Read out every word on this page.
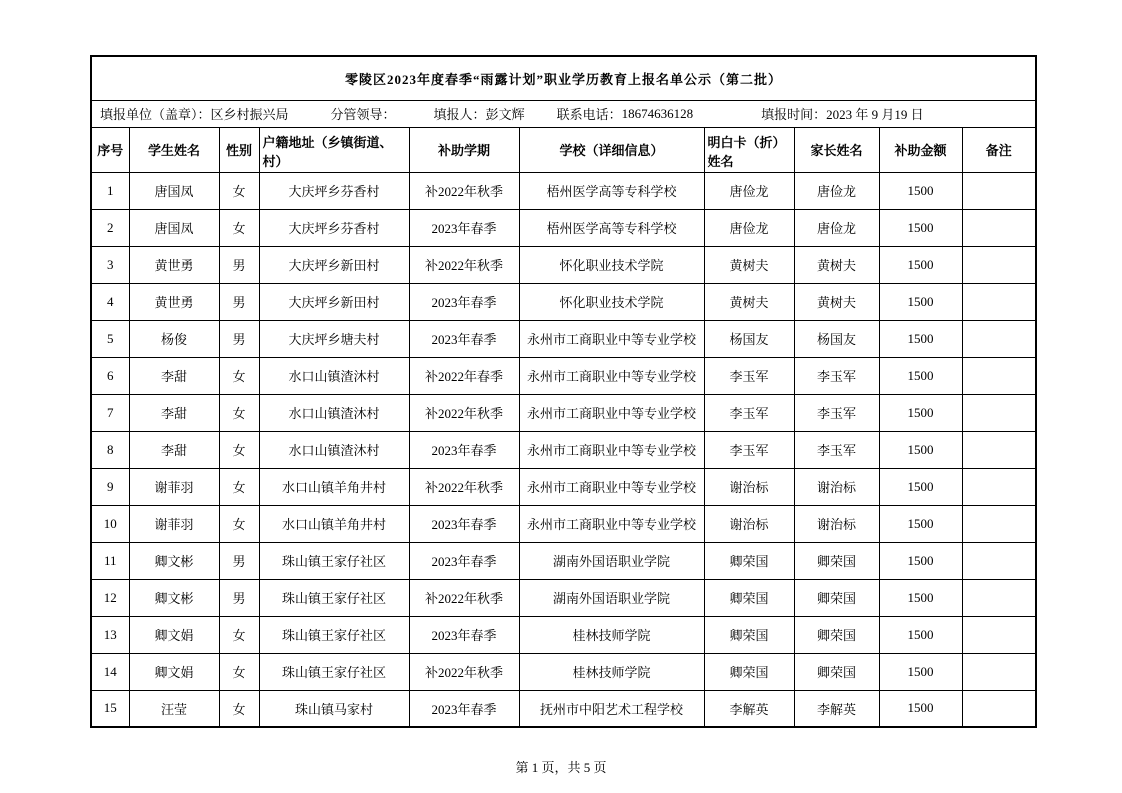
零陵区2023年度春季“雨露计划”职业学历教育上报名单公示（第二批）									

填报单位（盖章）： 区乡村振兴局	分管领导：	填报人： 彭文辉 联系电话： 18674636128	填报时间： 2023 年 9 月19 日

序号	学生姓名	性别	户籍地址（乡镇街道、村）	补助学期	学校（详细信息）	明白卡（折）姓名	家长姓名	补助金额	备注
1	唐国凤	女	大庆坪乡芬香村	补2022年秋季	梧州医学高等专科学校	唐俭龙	唐俭龙	1500	
2	唐国凤	女	大庆坪乡芬香村	2023年春季	梧州医学高等专科学校	唐俭龙	唐俭龙	1500	
3	黄世勇	男	大庆坪乡新田村	补2022年秋季	怀化职业技术学院	黄树夫	黄树夫	1500	
4	黄世勇	男	大庆坪乡新田村	2023年春季	怀化职业技术学院	黄树夫	黄树夫	1500	
5	杨俊	男	大庆坪乡塘夫村	2023年春季	永州市工商职业中等专业学校	杨国友	杨国友	1500	
6	李甜	女	水口山镇渣沐村	补2022年春季	永州市工商职业中等专业学校	李玉军	李玉军	1500	
7	李甜	女	水口山镇渣沐村	补2022年秋季	永州市工商职业中等专业学校	李玉军	李玉军	1500	
8	李甜	女	水口山镇渣沐村	2023年春季	永州市工商职业中等专业学校	李玉军	李玉军	1500	
9	谢菲羽	女	水口山镇羊角井村	补2022年秋季	永州市工商职业中等专业学校	谢治标	谢治标	1500	
10	谢菲羽	女	水口山镇羊角井村	2023年春季	永州市工商职业中等专业学校	谢治标	谢治标	1500	
11	卿文彬	男	珠山镇王家仔社区	2023年春季	湖南外国语职业学院	卿荣国	卿荣国	1500	
12	卿文彬	男	珠山镇王家仔社区	补2022年秋季	湖南外国语职业学院	卿荣国	卿荣国	1500	
13	卿文娟	女	珠山镇王家仔社区	2023年春季	桂林技师学院	卿荣国	卿荣国	1500	
14	卿文娟	女	珠山镇王家仔社区	补2022年秋季	桂林技师学院	卿荣国	卿荣国	1500	
15	汪莹	女	珠山镇马家村	2023年春季	抚州市中阳艺术工程学校	李解英	李解英	1500	
第 1 页，共 5 页
